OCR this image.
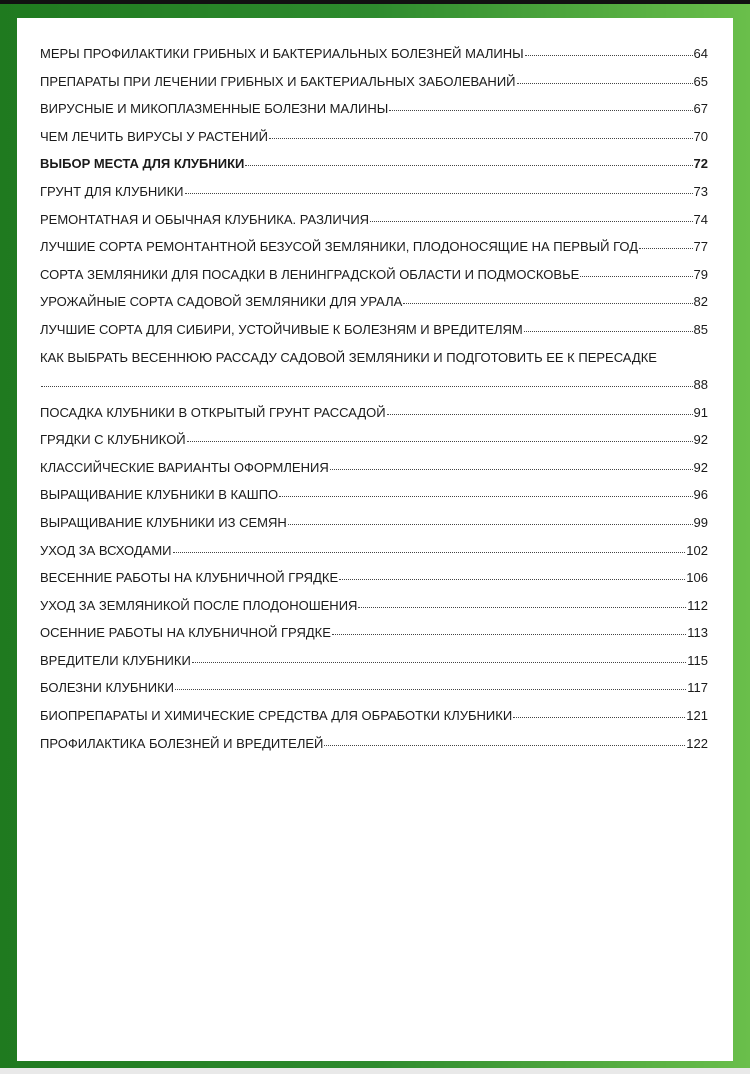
МЕРЫ ПРОФИЛАКТИКИ ГРИБНЫХ И БАКТЕРИАЛЬНЫХ БОЛЕЗНЕЙ МАЛИНЫ	64
ПРЕПАРАТЫ ПРИ ЛЕЧЕНИИ ГРИБНЫХ И БАКТЕРИАЛЬНЫХ ЗАБОЛЕВАНИЙ	65
ВИРУСНЫЕ И МИКОПЛАЗМЕННЫЕ БОЛЕЗНИ МАЛИНЫ	67
ЧЕМ ЛЕЧИТЬ ВИРУСЫ У РАСТЕНИЙ	70
ВЫБОР МЕСТА ДЛЯ КЛУБНИКИ	72
ГРУНТ ДЛЯ КЛУБНИКИ	73
РЕМОНТАТНАЯ И ОБЫЧНАЯ КЛУБНИКА. РАЗЛИЧИЯ	74
ЛУЧШИЕ СОРТА РЕМОНТАНТНОЙ БЕЗУСОЙ ЗЕМЛЯНИКИ, ПЛОДОНОСЯЩИЕ НА ПЕРВЫЙ ГОД	77
СОРТА ЗЕМЛЯНИКИ ДЛЯ ПОСАДКИ В ЛЕНИНГРАДСКОЙ ОБЛАСТИ И ПОДМОСКОВЬЕ	79
УРОЖАЙНЫЕ СОРТА САДОВОЙ ЗЕМЛЯНИКИ ДЛЯ УРАЛА	82
ЛУЧШИЕ СОРТА ДЛЯ СИБИРИ, УСТОЙЧИВЫЕ К БОЛЕЗНЯМ И ВРЕДИТЕЛЯМ	85
КАК ВЫБРАТЬ ВЕСЕННЮЮ РАССАДУ САДОВОЙ ЗЕМЛЯНИКИ И ПОДГОТОВИТЬ ЕЕ К ПЕРЕСАДКЕ
88
ПОСАДКА КЛУБНИКИ В ОТКРЫТЫЙ ГРУНТ РАССАДОЙ	91
ГРЯДКИ С КЛУБНИКОЙ	92
КЛАССИЙЧЕСКИЕ ВАРИАНТЫ ОФОРМЛЕНИЯ	92
ВЫРАЩИВАНИЕ КЛУБНИКИ В КАШПО	96
ВЫРАЩИВАНИЕ КЛУБНИКИ ИЗ СЕМЯН	99
УХОД ЗА ВСХОДАМИ	102
ВЕСЕННИЕ РАБОТЫ НА КЛУБНИЧНОЙ ГРЯДКЕ	106
УХОД ЗА ЗЕМЛЯНИКОЙ ПОСЛЕ ПЛОДОНОШЕНИЯ	112
ОСЕННИЕ РАБОТЫ НА КЛУБНИЧНОЙ ГРЯДКЕ	113
ВРЕДИТЕЛИ КЛУБНИКИ	115
БОЛЕЗНИ КЛУБНИКИ	117
БИОПРЕПАРАТЫ И ХИМИЧЕСКИЕ СРЕДСТВА ДЛЯ ОБРАБОТКИ КЛУБНИКИ	121
ПРОФИЛАКТИКА БОЛЕЗНЕЙ И ВРЕДИТЕЛЕЙ	122
